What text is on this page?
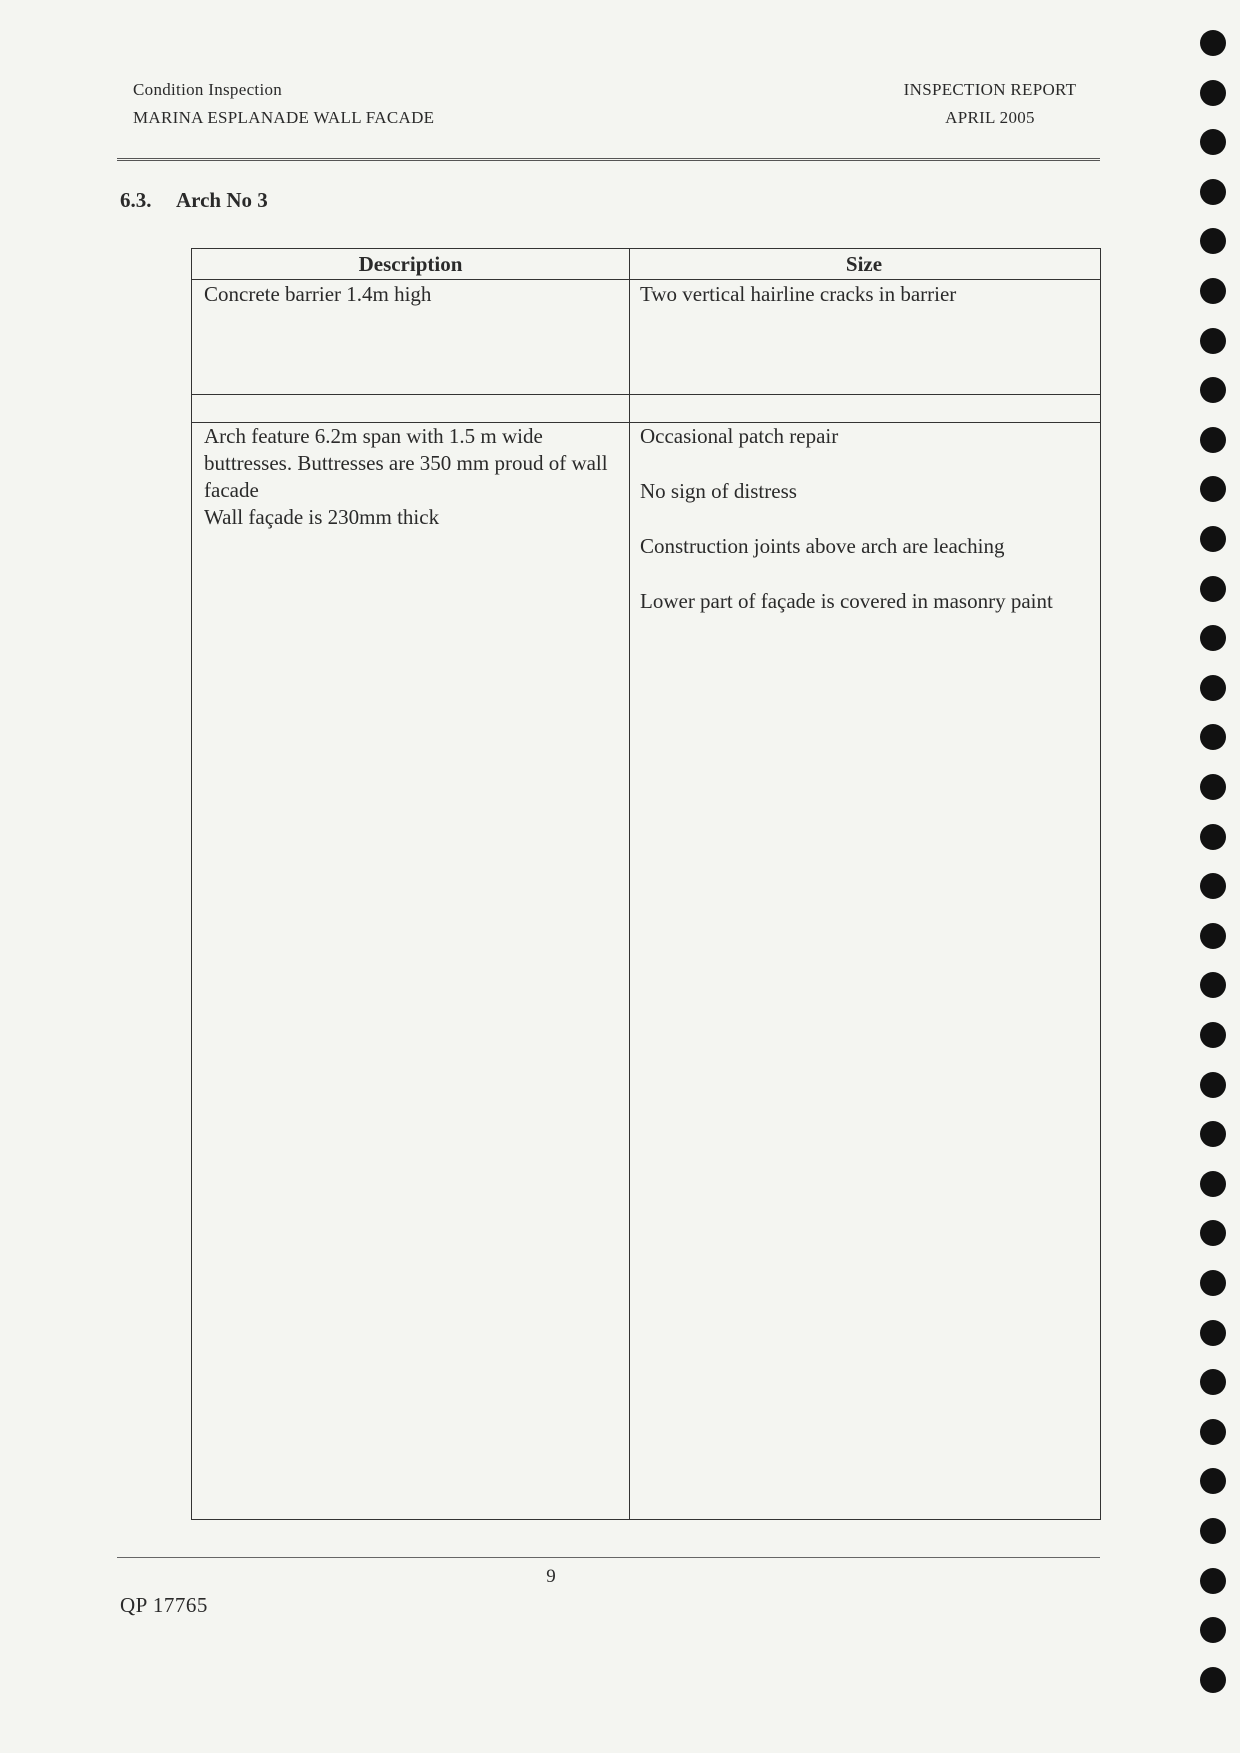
Condition Inspection
MARINA ESPLANADE WALL FACADE
INSPECTION REPORT
APRIL 2005
6.3. Arch No 3
Description	Size
Concrete barrier 1.4m high	Two vertical hairline cracks in barrier
Arch feature 6.2m span with 1.5 m wide buttresses. Buttresses are 350 mm proud of wall facade
Wall façade is 230mm thick
Occasional patch repair
No sign of distress
Construction joints above arch are leaching
Lower part of façade is covered in masonry paint
9
QP 17765
